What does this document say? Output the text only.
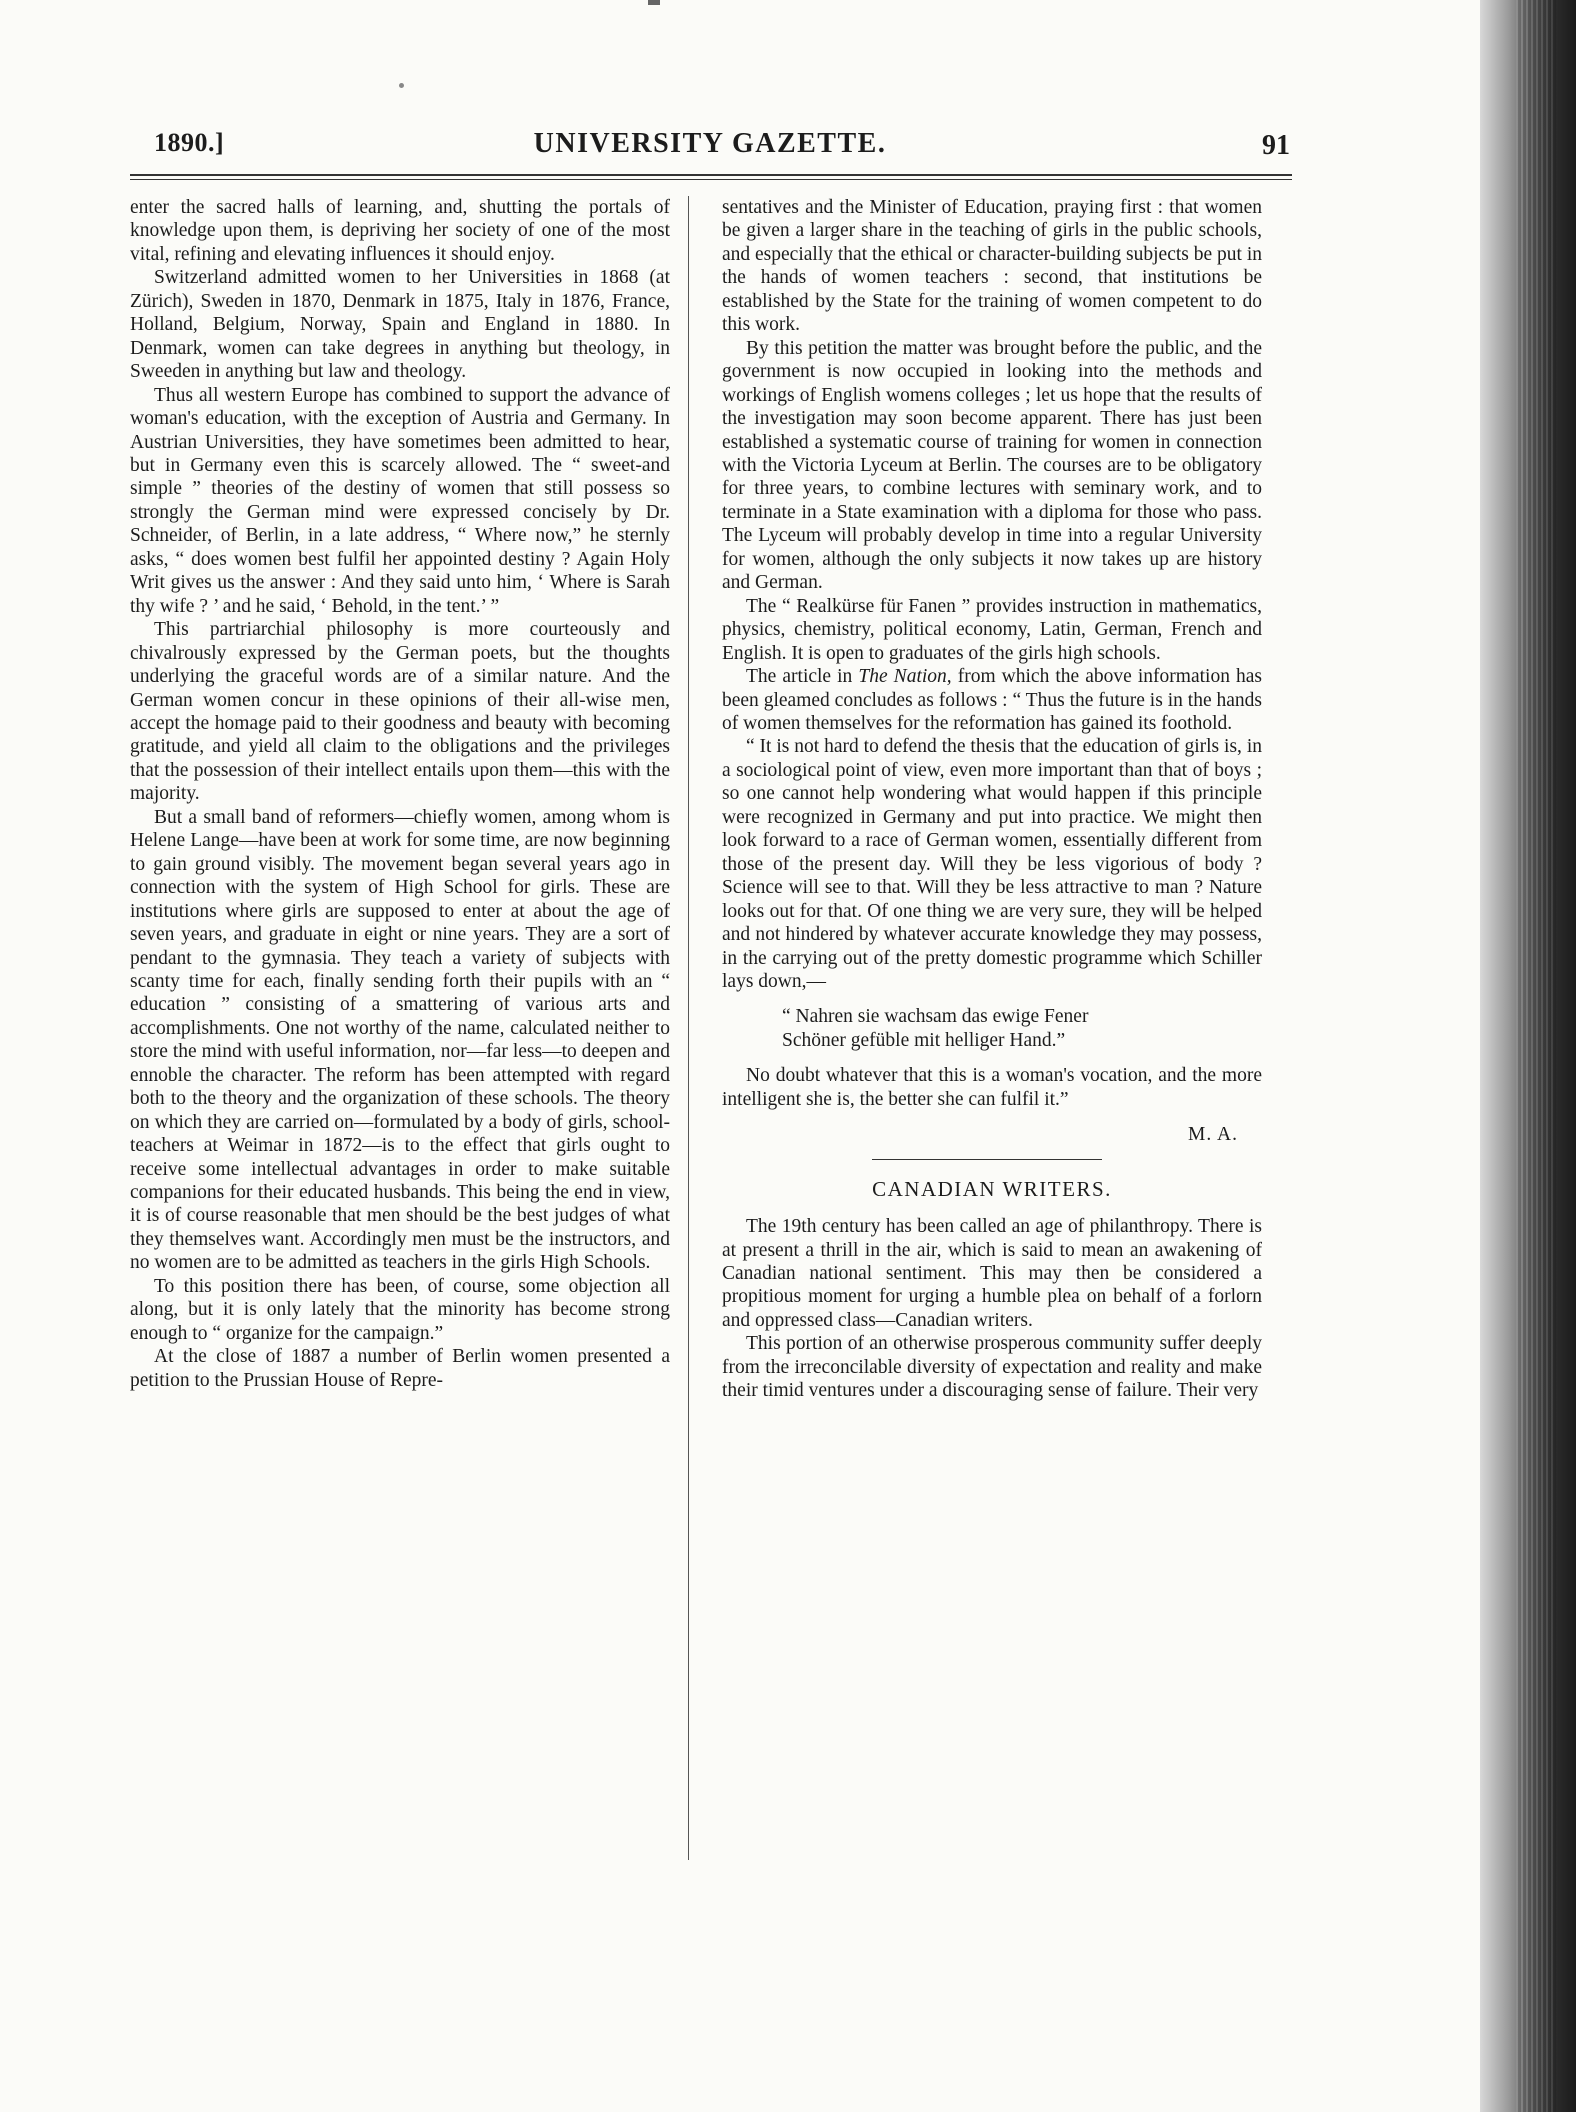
1890.]	UNIVERSITY GAZETTE.	91

enter the sacred halls of learning, and, shutting the portals of knowledge upon them, is depriving her society of one of the most vital, refining and elevating influences it should enjoy.

Switzerland admitted women to her Universities in 1868 (at Zürich), Sweden in 1870, Denmark in 1875, Italy in 1876, France, Holland, Belgium, Norway, Spain and England in 1880. In Denmark, women can take degrees in anything but theology, in Sweeden in anything but law and theology.

Thus all western Europe has combined to support the advance of woman's education, with the exception of Austria and Germany. In Austrian Universities, they have sometimes been admitted to hear, but in Germany even this is scarcely allowed. The “ sweet-and simple ” theories of the destiny of women that still possess so strongly the German mind were expressed concisely by Dr. Schneider, of Berlin, in a late address, “ Where now,” he sternly asks, “ does women best fulfil her appointed destiny ? Again Holy Writ gives us the answer : And they said unto him, ‘ Where is Sarah thy wife ? ’ and he said, ‘ Behold, in the tent.’ ”

This partriarchial philosophy is more courteously and chivalrously expressed by the German poets, but the thoughts underlying the graceful words are of a similar nature. And the German women concur in these opinions of their all-wise men, accept the homage paid to their goodness and beauty with becoming gratitude, and yield all claim to the obligations and the privileges that the possession of their intellect entails upon them—this with the majority.

But a small band of reformers—chiefly women, among whom is Helene Lange—have been at work for some time, are now beginning to gain ground visibly. The movement began several years ago in connection with the system of High School for girls. These are institutions where girls are supposed to enter at about the age of seven years, and graduate in eight or nine years. They are a sort of pendant to the gymnasia. They teach a variety of subjects with scanty time for each, finally sending forth their pupils with an “ education ” consisting of a smattering of various arts and accomplishments. One not worthy of the name, calculated neither to store the mind with useful information, nor—far less—to deepen and ennoble the character. The reform has been attempted with regard both to the theory and the organization of these schools. The theory on which they are carried on—formulated by a body of girls, school-teachers at Weimar in 1872—is to the effect that girls ought to receive some intellectual advantages in order to make suitable companions for their educated husbands. This being the end in view, it is of course reasonable that men should be the best judges of what they themselves want. Accordingly men must be the instructors, and no women are to be admitted as teachers in the girls High Schools.

To this position there has been, of course, some objection all along, but it is only lately that the minority has become strong enough to “ organize for the campaign.”

At the close of 1887 a number of Berlin women presented a petition to the Prussian House of Repre-

sentatives and the Minister of Education, praying first : that women be given a larger share in the teaching of girls in the public schools, and especially that the ethical or character-building subjects be put in the hands of women teachers : second, that institutions be established by the State for the training of women competent to do this work.

By this petition the matter was brought before the public, and the government is now occupied in looking into the methods and workings of English womens colleges ; let us hope that the results of the investigation may soon become apparent. There has just been established a systematic course of training for women in connection with the Victoria Lyceum at Berlin. The courses are to be obligatory for three years, to combine lectures with seminary work, and to terminate in a State examination with a diploma for those who pass. The Lyceum will probably develop in time into a regular University for women, although the only subjects it now takes up are history and German.

The “ Realkürse für Fanen ” provides instruction in mathematics, physics, chemistry, political economy, Latin, German, French and English. It is open to graduates of the girls high schools.

The article in The Nation, from which the above information has been gleamed concludes as follows : “ Thus the future is in the hands of women themselves for the reformation has gained its foothold.

“ It is not hard to defend the thesis that the education of girls is, in a sociological point of view, even more important than that of boys ; so one cannot help wondering what would happen if this principle were recognized in Germany and put into practice. We might then look forward to a race of German women, essentially different from those of the present day. Will they be less vigorious of body ? Science will see to that. Will they be less attractive to man ? Nature looks out for that. Of one thing we are very sure, they will be helped and not hindered by whatever accurate knowledge they may possess, in the carrying out of the pretty domestic programme which Schiller lays down,—

“ Nahren sie wachsam das ewige Fener
Schöner gefüble mit helliger Hand.”

No doubt whatever that this is a woman's vocation, and the more intelligent she is, the better she can fulfil it.”

M. A.
CANADIAN WRITERS.

The 19th century has been called an age of philanthropy. There is at present a thrill in the air, which is said to mean an awakening of Canadian national sentiment. This may then be considered a propitious moment for urging a humble plea on behalf of a forlorn and oppressed class—Canadian writers.

This portion of an otherwise prosperous community suffer deeply from the irreconcilable diversity of expectation and reality and make their timid ventures under a discouraging sense of failure. Their very
